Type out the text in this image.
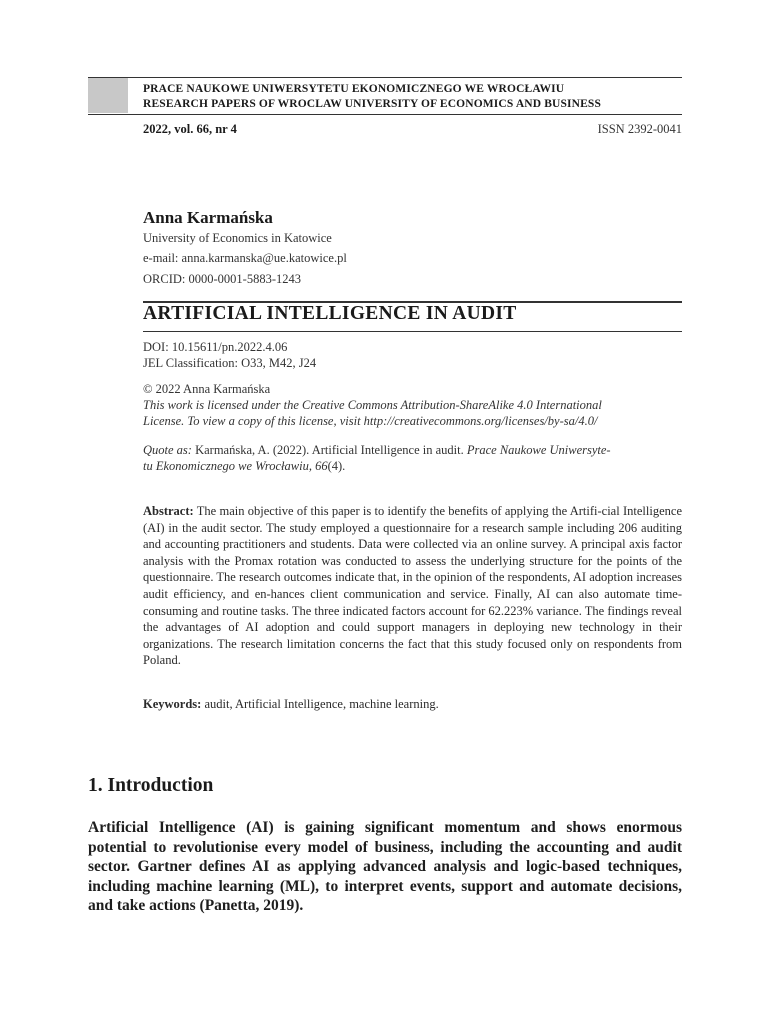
PRACE NAUKOWE UNIWERSYTETU EKONOMICZNEGO WE WROCŁAWIU
RESEARCH PAPERS OF WROCLAW UNIVERSITY OF ECONOMICS AND BUSINESS
2022, vol. 66, nr 4	ISSN 2392-0041
Anna Karmańska
University of Economics in Katowice
e-mail: anna.karmanska@ue.katowice.pl
ORCID: 0000-0001-5883-1243
ARTIFICIAL INTELLIGENCE IN AUDIT
DOI: 10.15611/pn.2022.4.06
JEL Classification: O33, M42, J24
© 2022 Anna Karmańska
This work is licensed under the Creative Commons Attribution-ShareAlike 4.0 International
License. To view a copy of this license, visit http://creativecommons.org/licenses/by-sa/4.0/
Quote as: Karmańska, A. (2022). Artificial Intelligence in audit. Prace Naukowe Uniwersyte-
tu Ekonomicznego we Wrocławiu, 66(4).
Abstract: The main objective of this paper is to identify the benefits of applying the Artifi-cial Intelligence (AI) in the audit sector. The study employed a questionnaire for a research sample including 206 auditing and accounting practitioners and students. Data were collected via an online survey. A principal axis factor analysis with the Promax rotation was conducted to assess the underlying structure for the points of the questionnaire. The research outcomes indicate that, in the opinion of the respondents, AI adoption increases audit efficiency, and en-hances client communication and service. Finally, AI can also automate time-consuming and routine tasks. The three indicated factors account for 62.223% variance. The findings reveal the advantages of AI adoption and could support managers in deploying new technology in their organizations. The research limitation concerns the fact that this study focused only on respondents from Poland.
Keywords: audit, Artificial Intelligence, machine learning.
1. Introduction
Artificial Intelligence (AI) is gaining significant momentum and shows enormous potential to revolutionise every model of business, including the accounting and audit sector. Gartner defines AI as applying advanced analysis and logic-based techniques, including machine learning (ML), to interpret events, support and automate decisions, and take actions (Panetta, 2019).
